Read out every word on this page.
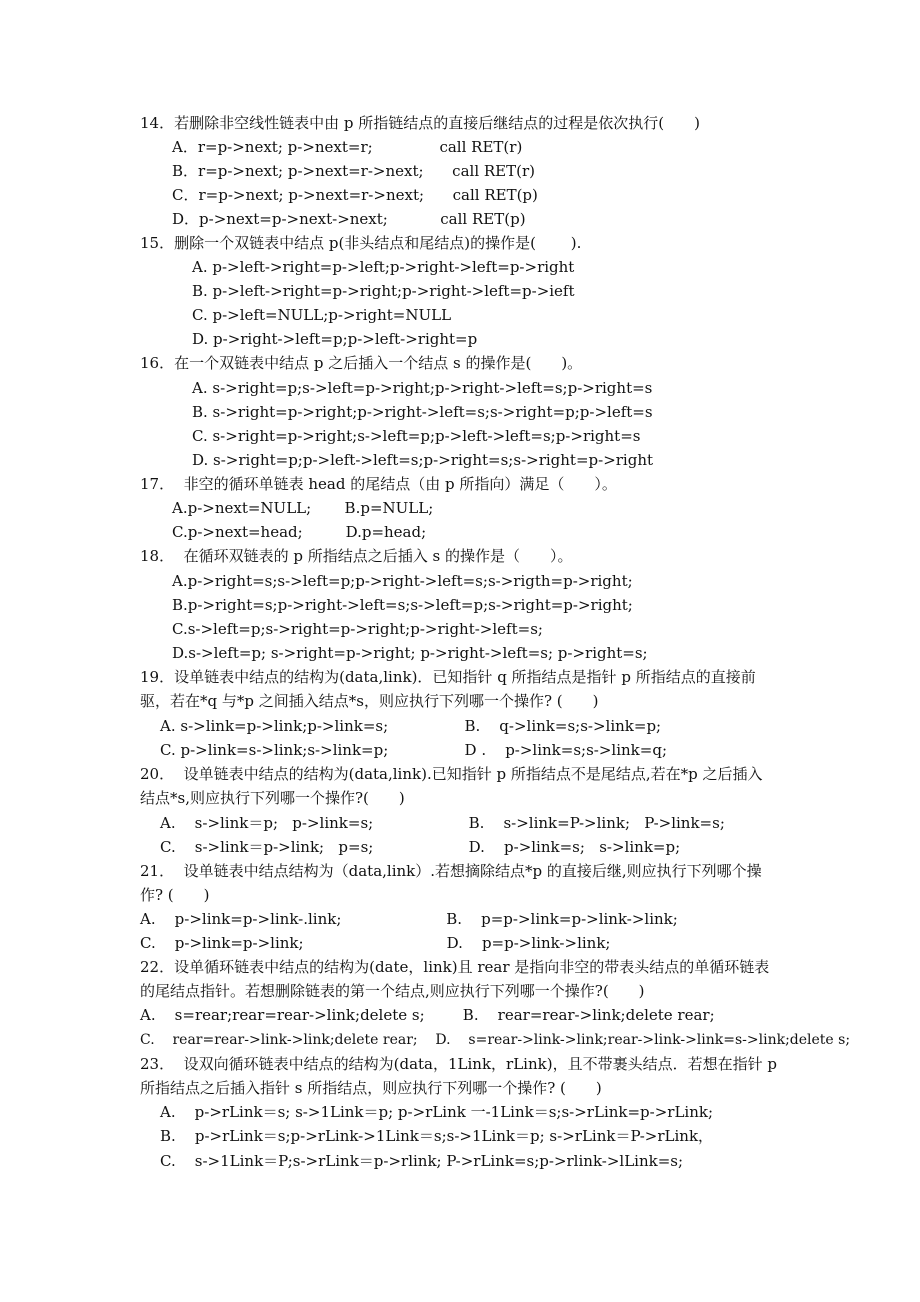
14．若删除非空线性链表中由 p 所指链结点的直接后继结点的过程是依次执行(　　)
A．r=p->next; p->next=r;              call RET(r)
B．r=p->next; p->next=r->next;      call RET(r)
C．r=p->next; p->next=r->next;      call RET(p)
D．p->next=p->next->next;           call RET(p)
15．删除一个双链表中结点 p(非头结点和尾结点)的操作是(　　 ).
A. p->left->right=p->left;p->right->left=p->right
B. p->left->right=p->right;p->right->left=p->ieft
C. p->left=NULL;p->right=NULL
D. p->right->left=p;p->left->right=p
16．在一个双链表中结点 p 之后插入一个结点 s 的操作是(　　)。
A. s->right=p;s->left=p->right;p->right->left=s;p->right=s
B. s->right=p->right;p->right->left=s;s->right=p;p->left=s
C. s->right=p->right;s->left=p;p->left->left=s;p->right=s
D. s->right=p;p->left->left=s;p->right=s;s->right=p->right
17．  非空的循环单链表 head 的尾结点（由 p 所指向）满足（　　）。
A.p->next=NULL;       B.p=NULL;
C.p->next=head;         D.p=head;
18．  在循环双链表的 p 所指结点之后插入 s 的操作是（　　）。
A.p->right=s;s->left=p;p->right->left=s;s->rigth=p->right;
B.p->right=s;p->right->left=s;s->left=p;s->right=p->right;
C.s->left=p;s->right=p->right;p->right->left=s;
D.s->left=p; s->right=p->right; p->right->left=s; p->right=s;
19．设单链表中结点的结构为(data,link)．已知指针 q 所指结点是指针 p 所指结点的直接前
驱，若在*q 与*p 之间插入结点*s，则应执行下列哪一个操作? (　　)
A. s->link=p->link;p->link=s;                B.    q->link=s;s->link=p;
C. p->link=s->link;s->link=p;                D .    p->link=s;s->link=q;
20．  设单链表中结点的结构为(data,link).已知指针 p 所指结点不是尾结点,若在*p 之后插入
结点*s,则应执行下列哪一个操作?(　　)
A.    s->link＝p;   p->link=s;                    B.    s->link=P->link;   P->link=s;
C.    s->link＝p->link;   p=s;                    D.    p->link=s;   s->link=p;
21．  设单链表中结点结构为（data,link）.若想摘除结点*p 的直接后继,则应执行下列哪个操
作? (　　)
A.    p->link=p->link-.link;                      B.    p=p->link=p->link->link;
C.    p->link=p->link;                              D.    p=p->link->link;
22．设单循环链表中结点的结构为(date，link)且 rear 是指向非空的带表头结点的单循环链表
的尾结点指针。若想删除链表的第一个结点,则应执行下列哪一个操作?(　　)
A.    s=rear;rear=rear->link;delete s;        B.    rear=rear->link;delete rear;
C.    rear=rear->link->link;delete rear;    D.    s=rear->link->link;rear->link->link=s->link;delete s;
23．  设双向循环链表中结点的结构为(data，1Link，rLink)，且不带裹头结点．若想在指针 p
所指结点之后插入指针 s 所指结点，则应执行下列哪一个操作? (　　)
A.    p->rLink＝s; s->1Link＝p; p->rLink 一-1Link＝s;s->rLink=p->rLink;
B.    p->rLink＝s;p->rLink->1Link＝s;s->1Link＝p; s->rLink＝P->rLink，
C.    s->1Link＝P;s->rLink＝p->rlink; P->rLink=s;p->rlink->lLink=s;
